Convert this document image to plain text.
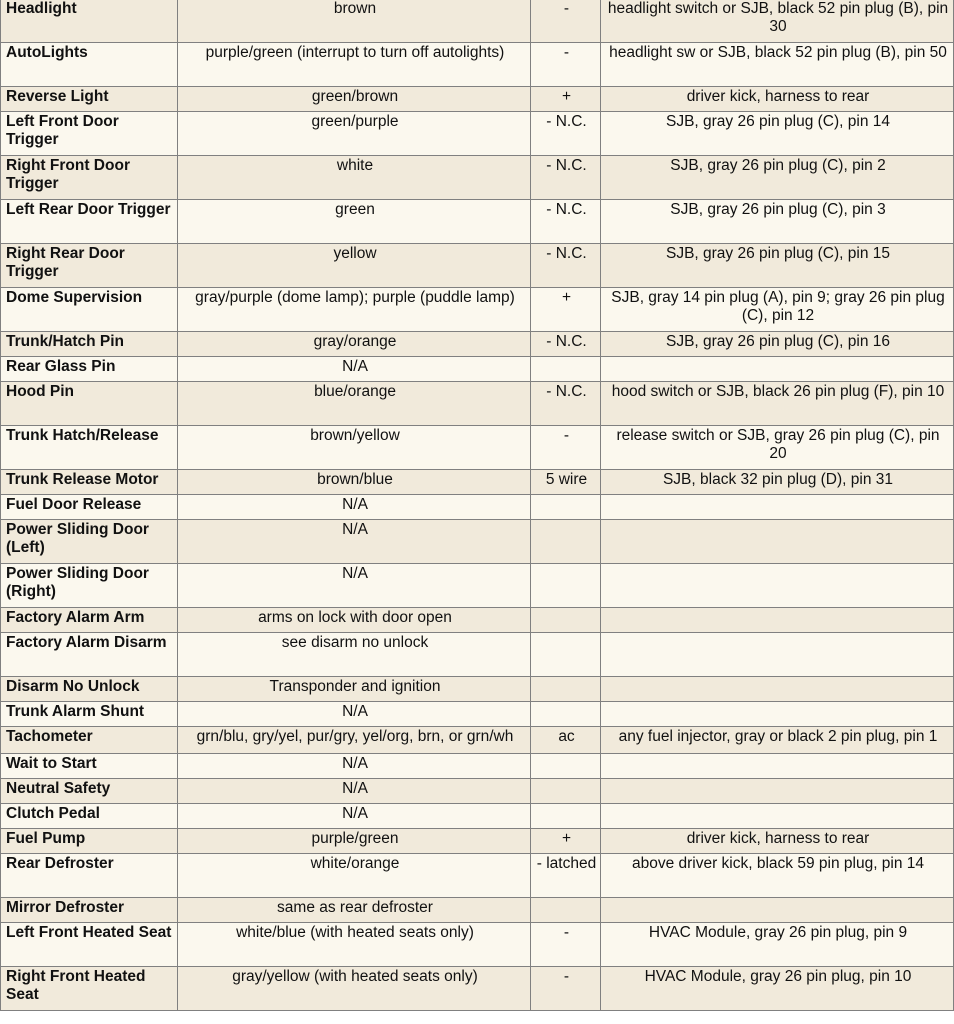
Headlight	brown	-	headlight switch or SJB, black 52 pin plug (B), pin 30
AutoLights	purple/green (interrupt to turn off autolights)	-	headlight sw or SJB, black 52 pin plug (B), pin 50
Reverse Light	green/brown	+	driver kick, harness to rear
Left Front Door Trigger	green/purple	- N.C.	SJB, gray 26 pin plug (C), pin 14
Right Front Door Trigger	white	- N.C.	SJB, gray 26 pin plug (C), pin 2
Left Rear Door Trigger	green	- N.C.	SJB, gray 26 pin plug (C), pin 3
Right Rear Door Trigger	yellow	- N.C.	SJB, gray 26 pin plug (C), pin 15
Dome Supervision	gray/purple (dome lamp); purple (puddle lamp)	+	SJB, gray 14 pin plug (A), pin 9; gray 26 pin plug (C), pin 12
Trunk/Hatch Pin	gray/orange	- N.C.	SJB, gray 26 pin plug (C), pin 16
Rear Glass Pin	N/A		
Hood Pin	blue/orange	- N.C.	hood switch or SJB, black 26 pin plug (F), pin 10
Trunk Hatch/Release	brown/yellow	-	release switch or SJB, gray 26 pin plug (C), pin 20
Trunk Release Motor	brown/blue	5 wire	SJB, black 32 pin plug (D), pin 31
Fuel Door Release	N/A		
Power Sliding Door (Left)	N/A		
Power Sliding Door (Right)	N/A		
Factory Alarm Arm	arms on lock with door open		
Factory Alarm Disarm	see disarm no unlock		
Disarm No Unlock	Transponder and ignition		
Trunk Alarm Shunt	N/A		
Tachometer	grn/blu, gry/yel, pur/gry, yel/org, brn, or grn/wh	ac	any fuel injector, gray or black 2 pin plug, pin 1
Wait to Start	N/A		
Neutral Safety	N/A		
Clutch Pedal	N/A		
Fuel Pump	purple/green	+	driver kick, harness to rear
Rear Defroster	white/orange	- latched	above driver kick, black 59 pin plug, pin 14
Mirror Defroster	same as rear defroster		
Left Front Heated Seat	white/blue (with heated seats only)	-	HVAC Module, gray 26 pin plug, pin 9
Right Front Heated Seat	gray/yellow (with heated seats only)	-	HVAC Module, gray 26 pin plug, pin 10
